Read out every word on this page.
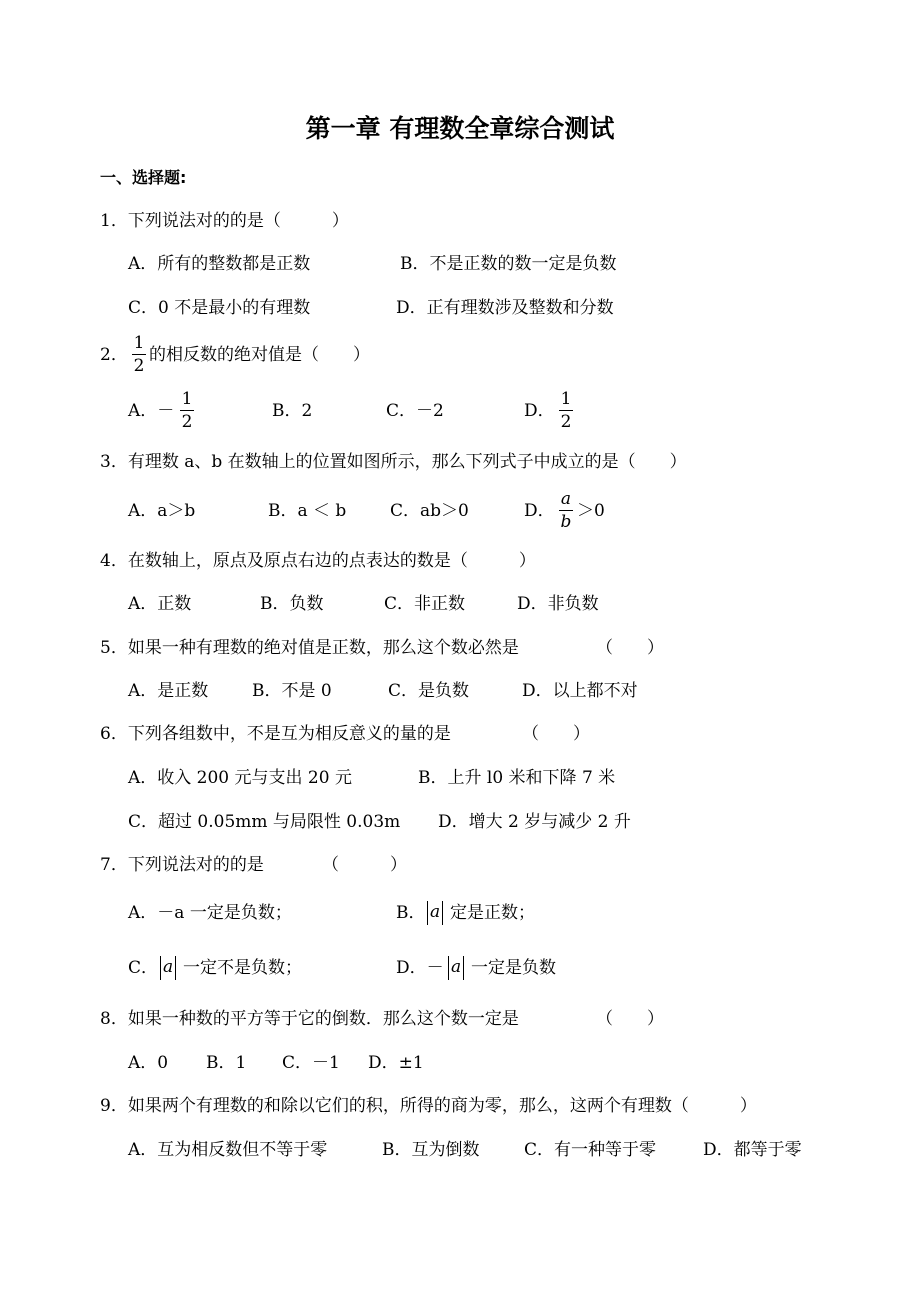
第一章 有理数全章综合测试
一、选择题:
1．下列说法对的的是（　　　）
A．所有的整数都是正数	B．不是正数的数一定是负数
C．0 不是最小的有理数	D．正有理数涉及整数和分数
2．
1
2
的相反数的绝对值是（　　）
A．－
1
2
B．2	C．－2	D．
1
2
3．有理数 a、b 在数轴上的位置如图所示，那么下列式子中成立的是（　　）
A．a＞b	B．a ＜ b	C．ab＞0	D．
a
b
＞0
4．在数轴上，原点及原点右边的点表达的数是（　　　）
A．正数	B．负数	C．非正数	D．非负数
5．如果一种有理数的绝对值是正数，那么这个数必然是	（　　）
A．是正数	B．不是 0	C．是负数	D．以上都不对
6．下列各组数中，不是互为相反意义的量的是	（　　）
A．收入 200 元与支出 20 元	B．上升 l0 米和下降 7 米
C．超过 0.05mm 与局限性 0.03m D．增大 2 岁与减少 2 升
7．下列说法对的的是	（　　　）
A．－a 一定是负数；	B． a 定是正数；
C． a 一定不是负数；	D．－ a 一定是负数
8．如果一种数的平方等于它的倒数．那么这个数一定是	（　　）
A．0 B．1 C．－1 D．±1
9．如果两个有理数的和除以它们的积，所得的商为零，那么，这两个有理数（　　　）
A．互为相反数但不等于零	B．互为倒数	C．有一种等于零	D．都等于零
